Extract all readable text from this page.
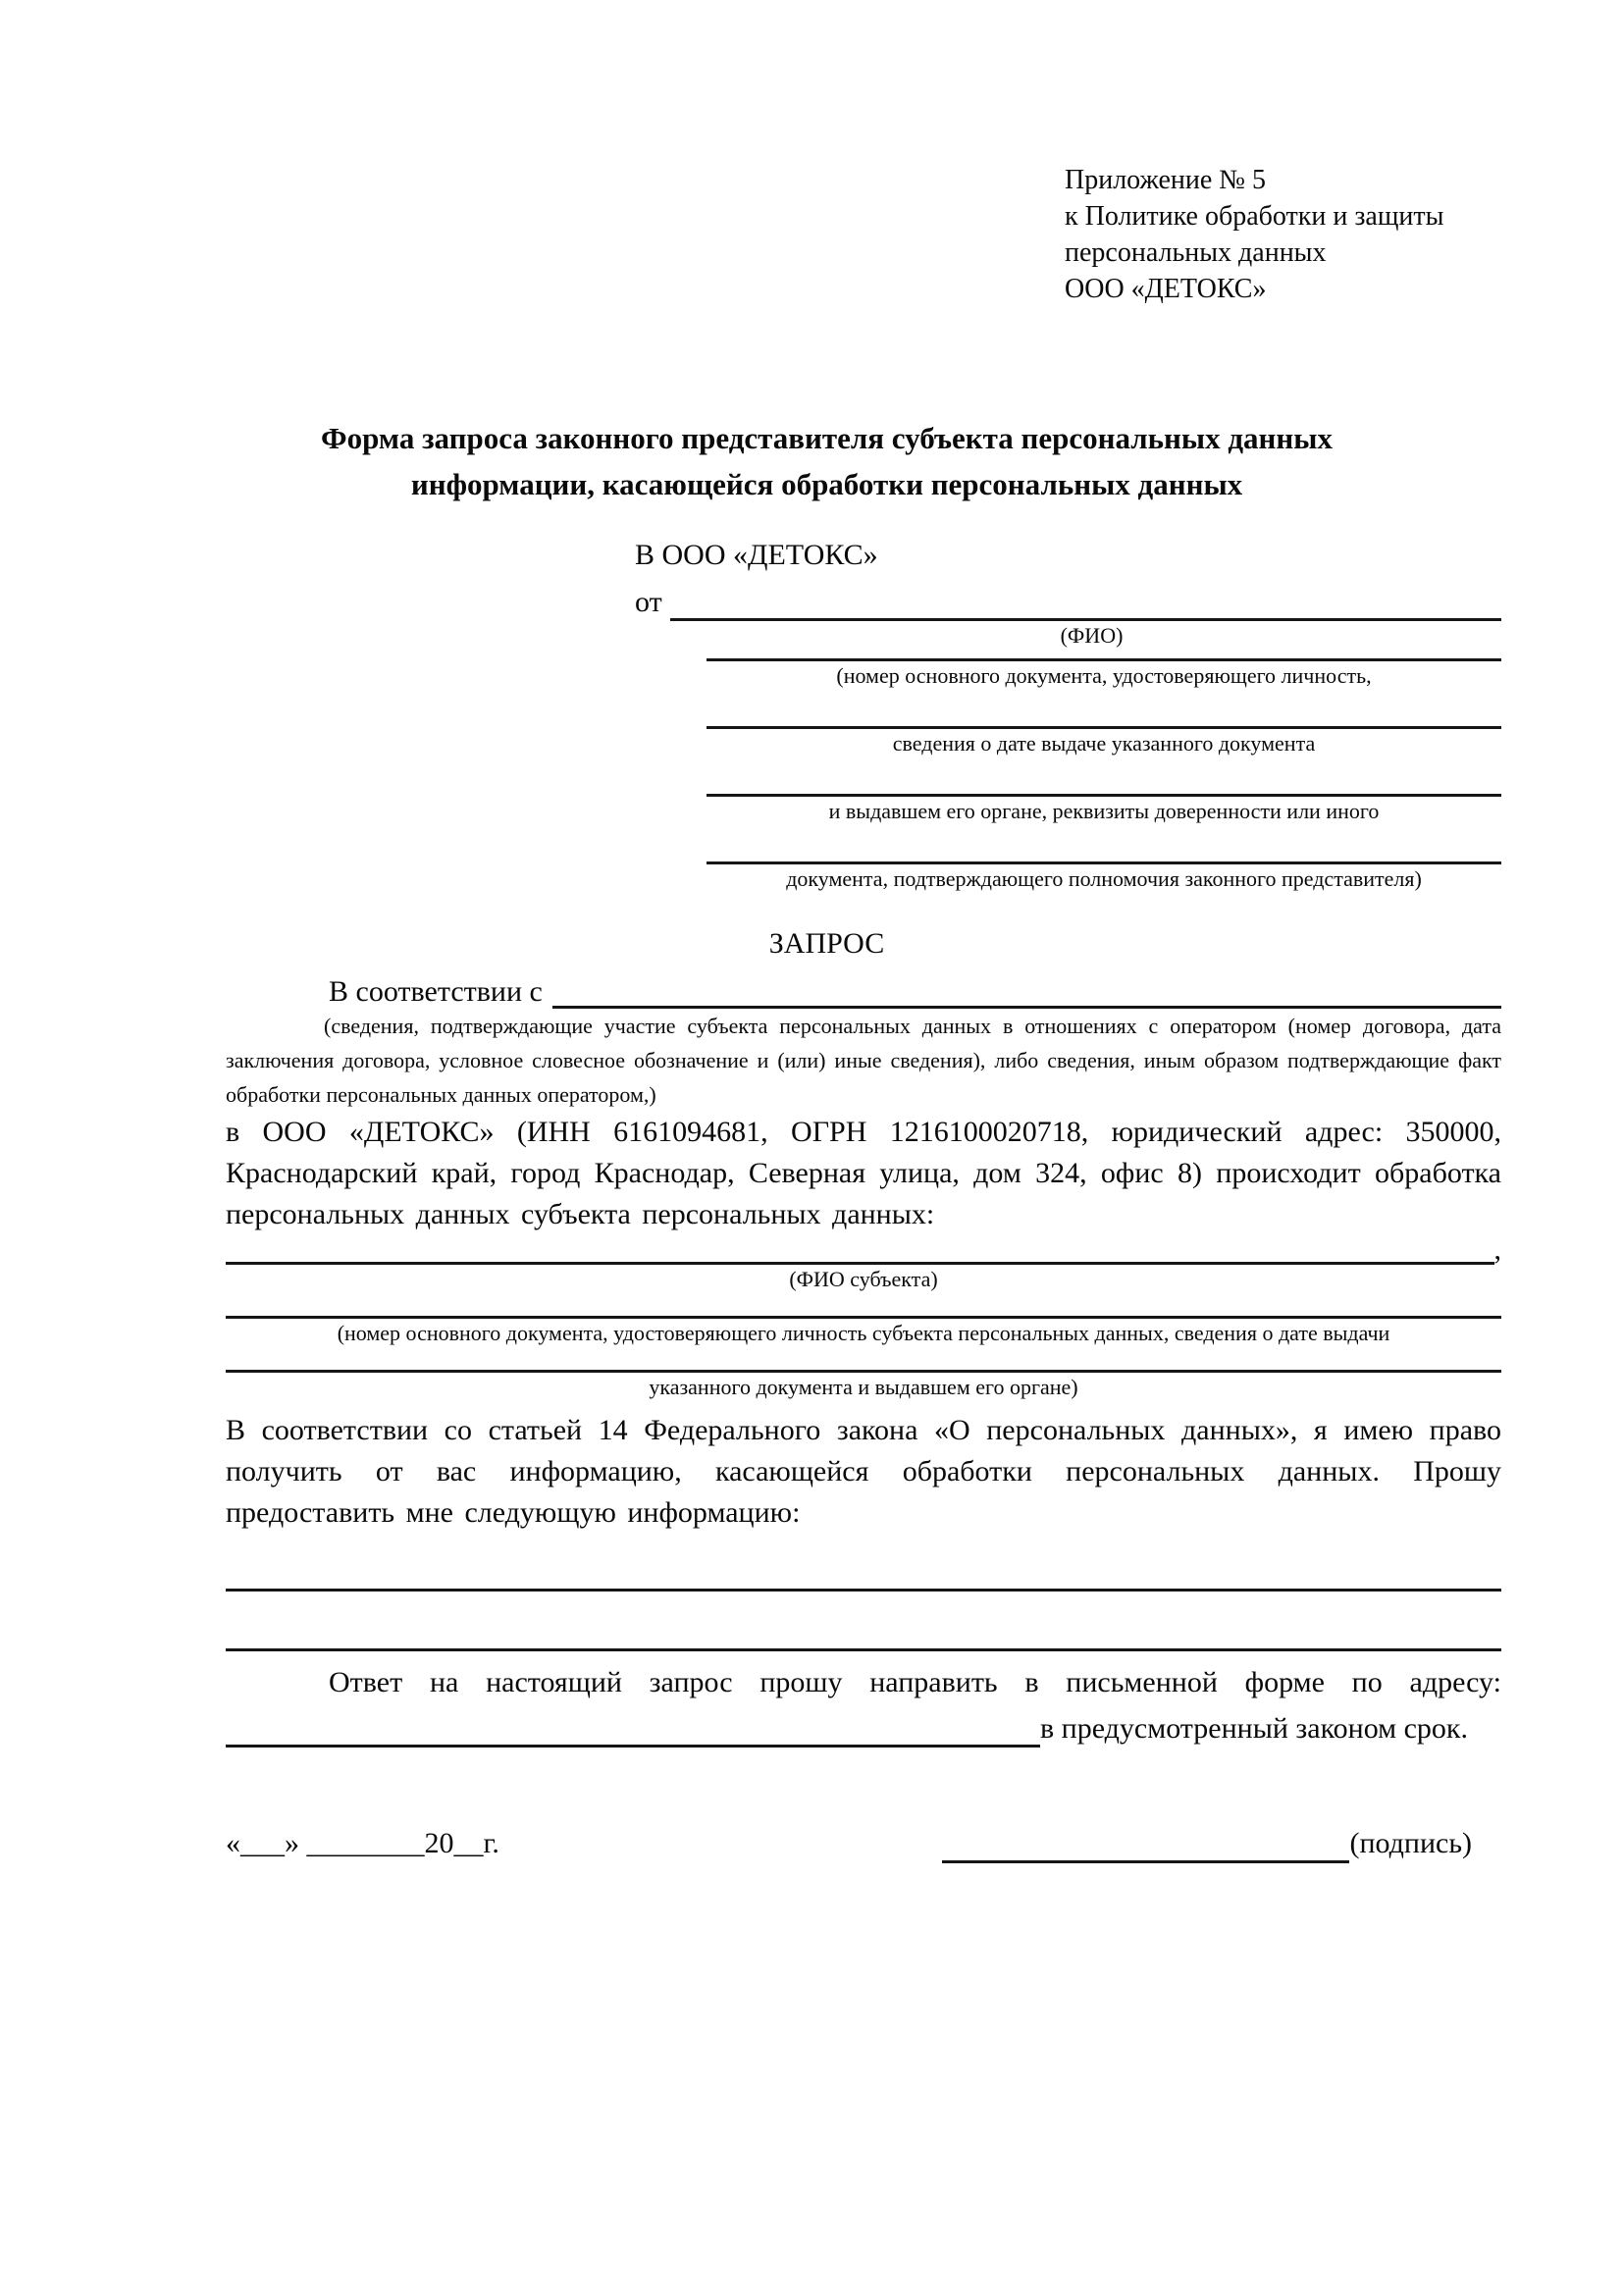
Приложение № 5
к Политике обработки и защиты
персональных данных
ООО «ДЕТОКС»
Форма запроса законного представителя субъекта персональных данных
информации, касающейся обработки персональных данных
В ООО «ДЕТОКС»
от
(ФИО)
(номер основного документа, удостоверяющего личность,
сведения о дате выдаче указанного документа
и выдавшем его органе, реквизиты доверенности или иного
документа, подтверждающего полномочия законного представителя)
ЗАПРОС
В соответствии с

(сведения, подтверждающие участие субъекта персональных данных в отношениях с оператором (номер договора, дата заключения договора, условное словесное обозначение и (или) иные сведения), либо сведения, иным образом подтверждающие факт обработки персональных данных оператором,)

в ООО «ДЕТОКС» (ИНН 6161094681, ОГРН 1216100020718, юридический адрес: 350000, Краснодарский край, город Краснодар, Северная улица, дом 324, офис 8) происходит обработка персональных данных субъекта персональных данных:

,
(ФИО субъекта)
(номер основного документа, удостоверяющего личность субъекта персональных данных, сведения о дате выдачи
указанного документа и выдавшем его органе)

В соответствии со статьей 14 Федерального закона «О персональных данных», я имею право получить от вас информацию, касающейся обработки персональных данных. Прошу предоставить мне следующую информацию:

Ответ на настоящий запрос прошу направить в письменной форме по адресу:
в предусмотренный законом срок.
«___» ________20__г.	(подпись)
